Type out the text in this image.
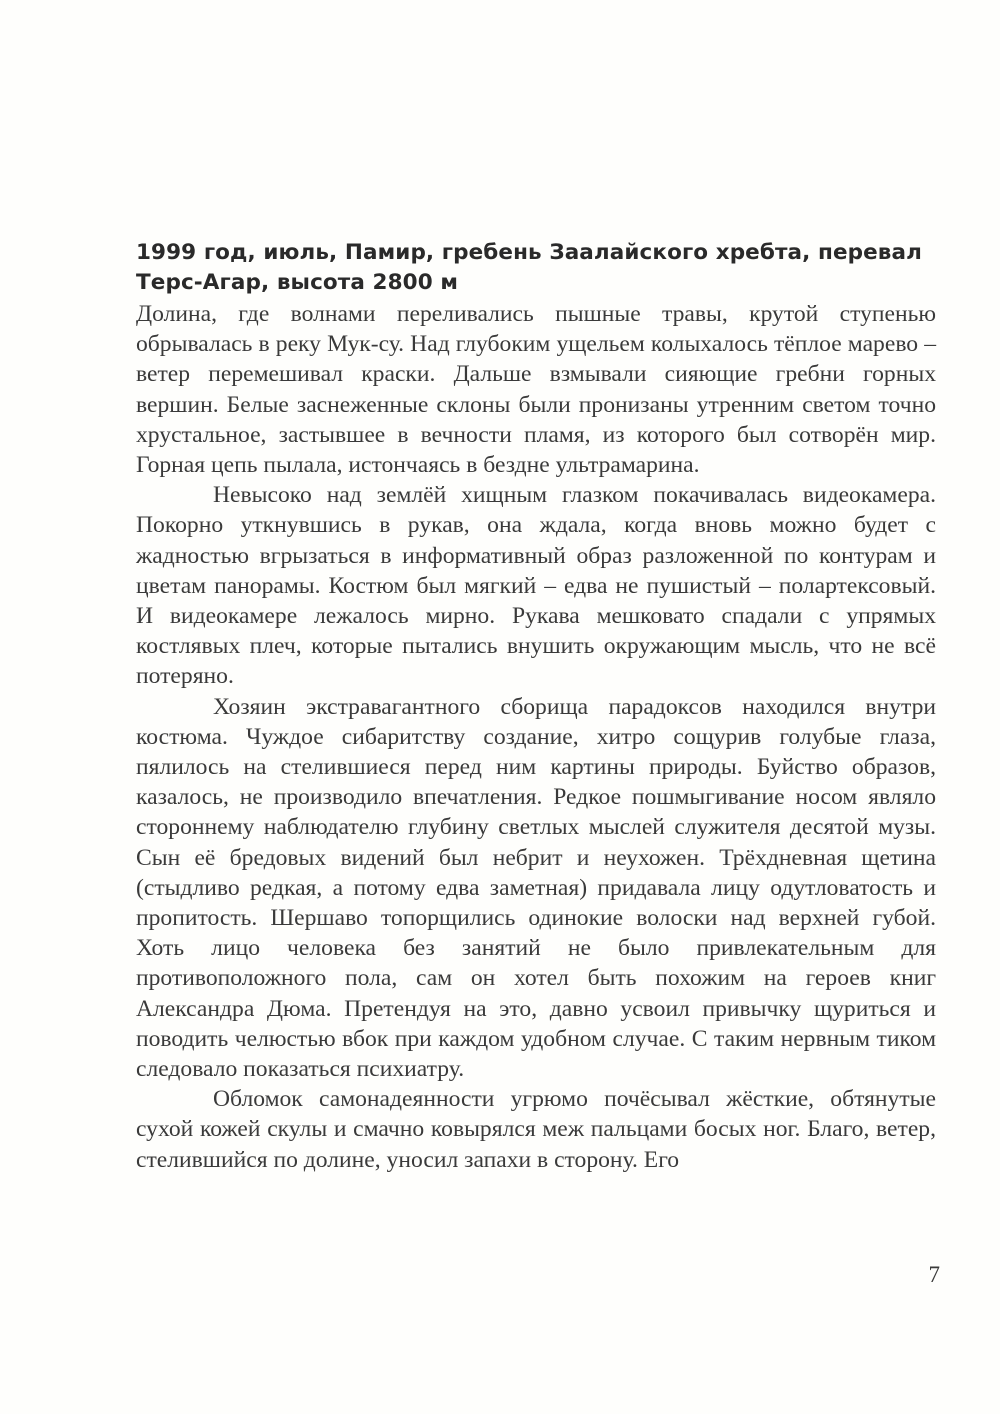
1999 год, июль, Памир, гребень Заалайского хребта, перевал Терс-Агар, высота 2800 м

Долина, где волнами переливались пышные травы, крутой ступенью обрывалась в реку Мук-су. Над глубоким ущельем колыхалось тёплое марево – ветер перемешивал краски. Дальше взмывали сияющие гребни горных вершин. Белые заснеженные склоны были пронизаны утренним светом точно хрустальное, застывшее в вечности пламя, из которого был сотворён мир. Горная цепь пылала, истончаясь в бездне ультрамарина.

Невысоко над землёй хищным глазком покачивалась видеокамера. Покорно уткнувшись в рукав, она ждала, когда вновь можно будет с жадностью вгрызаться в информативный образ разложенной по контурам и цветам панорамы. Костюм был мягкий – едва не пушистый – полартексовый. И видеокамере лежалось мирно. Рукава мешковато спадали с упрямых костлявых плеч, которые пытались внушить окружающим мысль, что не всё потеряно.

Хозяин экстравагантного сборища парадоксов находился внутри костюма. Чуждое сибаритству создание, хитро сощурив голубые глаза, пялилось на стелившиеся перед ним картины природы. Буйство образов, казалось, не производило впечатления. Редкое пошмыгивание носом являло стороннему наблюдателю глубину светлых мыслей служителя десятой музы. Сын её бредовых видений был небрит и неухожен. Трёхдневная щетина (стыдливо редкая, а потому едва заметная) придавала лицу одутловатость и пропитость. Шершаво топорщились одинокие волоски над верхней губой. Хоть лицо человека без занятий не было привлекательным для противоположного пола, сам он хотел быть похожим на героев книг Александра Дюма. Претендуя на это, давно усвоил привычку щуриться и поводить челюстью вбок при каждом удобном случае. С таким нервным тиком следовало показаться психиатру.

Обломок самонадеянности угрюмо почёсывал жёсткие, обтянутые сухой кожей скулы и смачно ковырялся меж пальцами босых ног. Благо, ветер, стелившийся по долине, уносил запахи в сторону. Его

7
